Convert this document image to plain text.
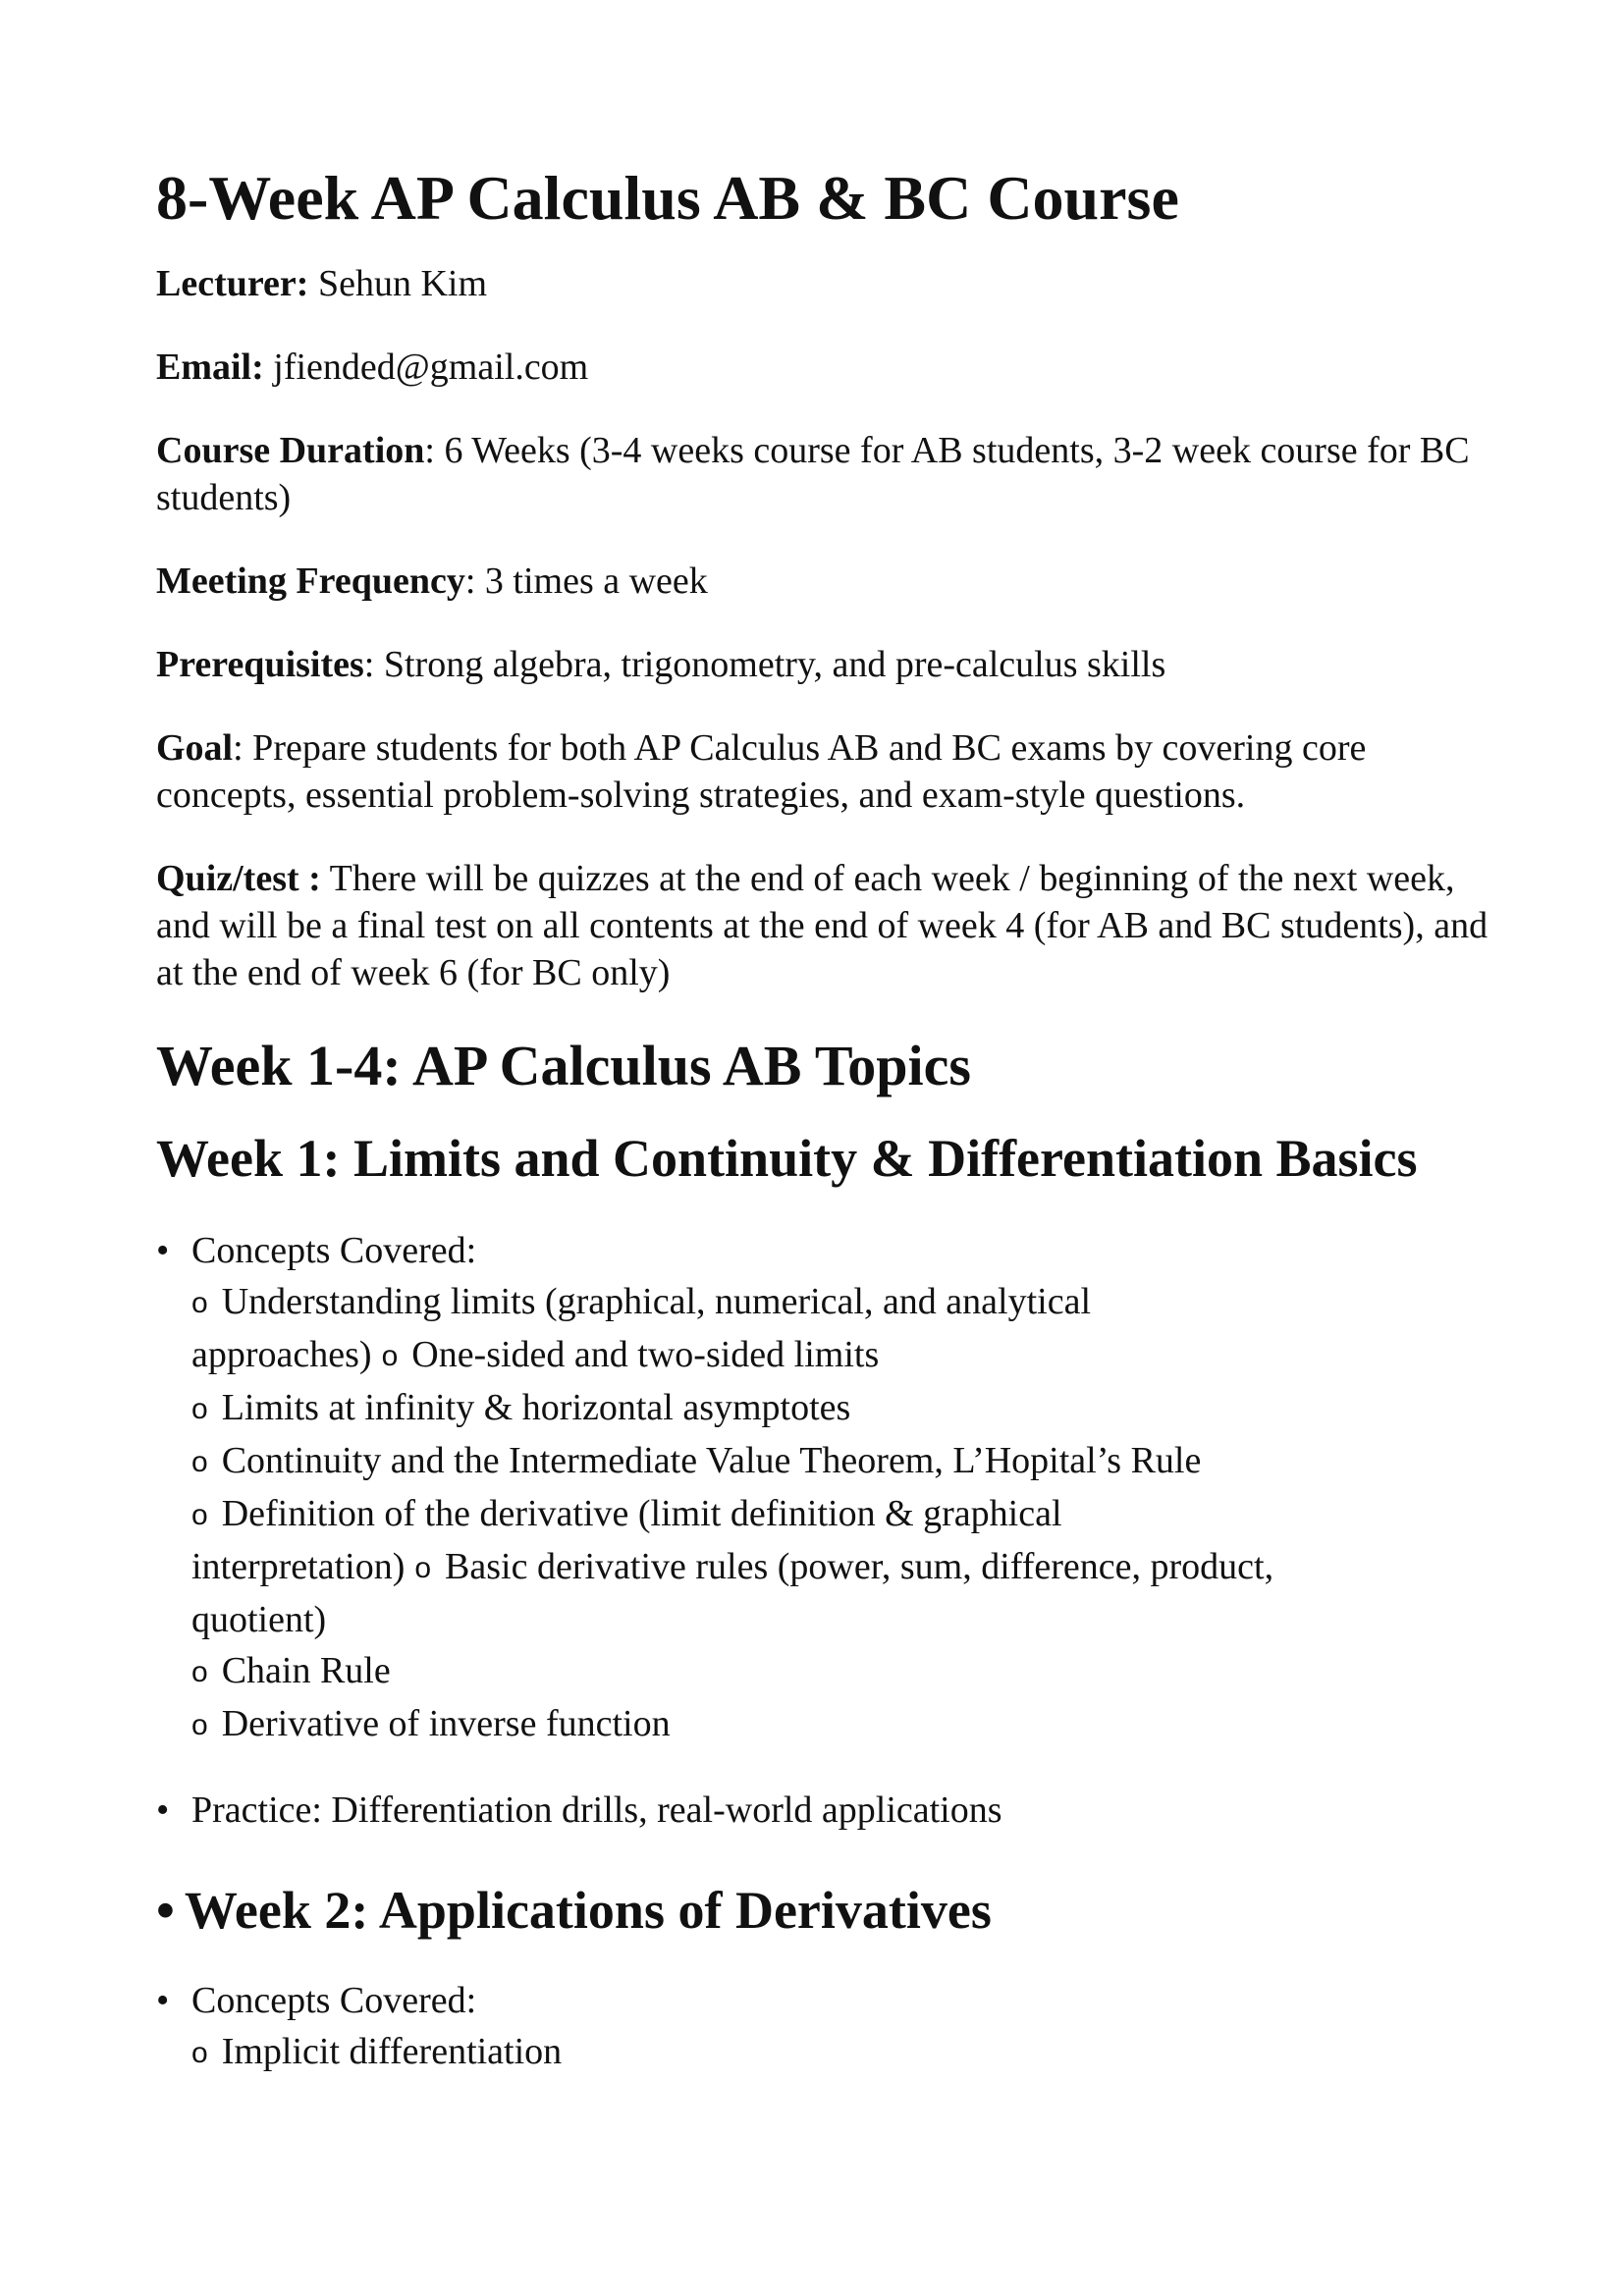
8-Week AP Calculus AB & BC Course

Lecturer: Sehun Kim

Email: jfiended@gmail.com

Course Duration: 6 Weeks (3-4 weeks course for AB students, 3-2 week course for BC students)

Meeting Frequency: 3 times a week

Prerequisites: Strong algebra, trigonometry, and pre-calculus skills

Goal: Prepare students for both AP Calculus AB and BC exams by covering core concepts, essential problem-solving strategies, and exam-style questions.

Quiz/test : There will be quizzes at the end of each week / beginning of the next week, and will be a final test on all contents at the end of week 4 (for AB and BC students), and at the end of week 6 (for BC only)

Week 1-4: AP Calculus AB Topics
Week 1: Limits and Continuity & Differentiation Basics
• Concepts Covered:
o Understanding limits (graphical, numerical, and analytical
approaches) o One-sided and two-sided limits
o Limits at infinity & horizontal asymptotes
o Continuity and the Intermediate Value Theorem, L’Hopital’s Rule
o Definition of the derivative (limit definition & graphical
interpretation) o Basic derivative rules (power, sum, difference, product,
quotient)
o Chain Rule
o Derivative of inverse function
• Practice: Differentiation drills, real-world applications
• Week 2: Applications of Derivatives
• Concepts Covered:
o Implicit differentiation
